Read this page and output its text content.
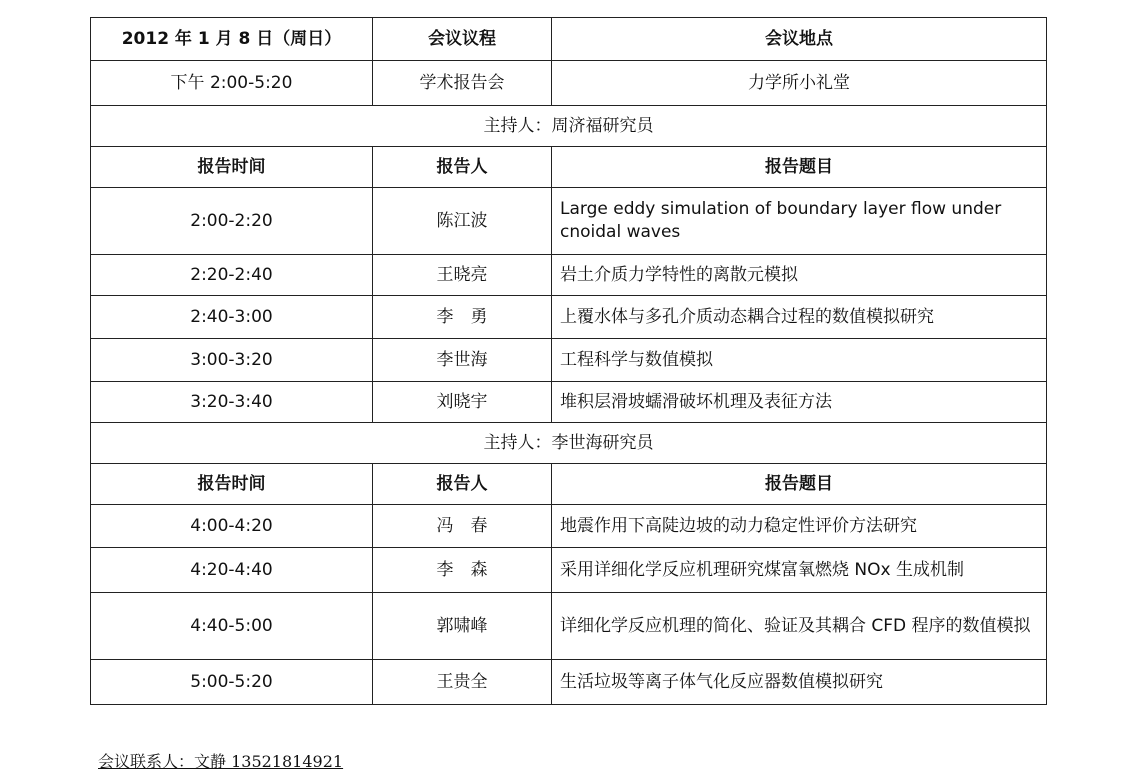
2012 年 1 月 8 日（周日）	会议议程	会议地点
下午 2:00-5:20	学术报告会	力学所小礼堂
主持人：周济福研究员		
报告时间	报告人	报告题目
2:00-2:20	陈江波	Large eddy simulation of boundary layer flow under cnoidal waves
2:20-2:40	王晓亮	岩土介质力学特性的离散元模拟
2:40-3:00	李　勇	上覆水体与多孔介质动态耦合过程的数值模拟研究
3:00-3:20	李世海	工程科学与数值模拟
3:20-3:40	刘晓宇	堆积层滑坡蠕滑破坏机理及表征方法
主持人：李世海研究员		
报告时间	报告人	报告题目
4:00-4:20	冯　春	地震作用下高陡边坡的动力稳定性评价方法研究
4:20-4:40	李　森	采用详细化学反应机理研究煤富氧燃烧 NOx 生成机制
4:40-5:00	郭啸峰	详细化学反应机理的简化、验证及其耦合 CFD 程序的数值模拟
5:00-5:20	王贵全	生活垃圾等离子体气化反应器数值模拟研究
会议联系人：文静 13521814921
